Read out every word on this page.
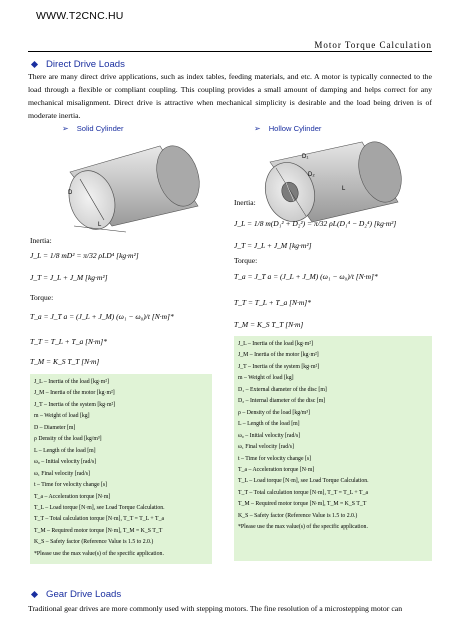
WWW.T2CNC.HU
Motor Torque Calculation
Direct Drive Loads
There are many direct drive applications, such as index tables, feeding materials, and etc. A motor is typically connected to the load through a flexible or compliant coupling. This coupling provides a small amount of damping and helps correct for any mechanical misalignment. Direct drive is attractive when mechanical simplicity is desirable and the load being driven is of moderate inertia.
➢ Solid Cylinder
D
L
Inertia:
J_L = 1/8 mD² = π/32 ρLD⁴ [kg·m²]
J_T = J_L + J_M [kg·m²]
Torque:
T_a = J_T a = (J_L + J_M) (ω₁ − ω₀)/t [N·m]*
T_T = T_L + T_a [N·m]*
T_M = K_S T_T [N·m]
J_L – Inertia of the load [kg·m²]
J_M – Inertia of the motor [kg·m²]
J_T – Inertia of the system [kg·m²]
m – Weight of load [kg]
D – Diameter [m]
ρ Density of the load [kg/m³]
L – Length of the load [m]
ω₀ – Initial velocity [rad/s]
ω₁ Final velocity [rad/s]
t – Time for velocity change [s]
T_a – Acceleration torque [N·m]
T_L – Load torque [N·m], see Load Torque Calculation.
T_T – Total calculation torque [N·m], T_T = T_L + T_a
T_M – Required motor torque [N·m], T_M = K_S T_T
K_S – Safety factor (Reference Value is 1.5 to 2.0.)
*Please use the max value(s) of the specific application.
➢ Hollow Cylinder
D₁
D₂
L
Inertia:
J_L = 1/8 m(D₁² + D₂²) = π/32 ρL(D₁⁴ − D₂⁴) [kg·m²]
J_T = J_L + J_M [kg·m²]
Torque:
T_a = J_T a = (J_L + J_M) (ω₁ − ω₀)/t [N·m]*
T_T = T_L + T_a [N·m]*
T_M = K_S T_T [N·m]
J_L – Inertia of the load [kg·m²]
J_M – Inertia of the motor [kg·m²]
J_T – Inertia of the system [kg·m²]
m – Weight of load [kg]
D₁ – External diameter of the disc [m]
D₂ – Internal diameter of the disc [m]
ρ – Density of the load [kg/m³]
L – Length of the load [m]
ω₀ – Initial velocity [rad/s]
ω₁ Final velocity [rad/s]
t – Time for velocity change [s]
T_a – Acceleration torque [N·m]
T_L – Load torque [N·m], see Load Torque Calculation.
T_T – Total calculation torque [N·m], T_T = T_L + T_a
T_M – Required motor torque [N·m], T_M = K_S T_T
K_S – Safety factor (Reference Value is 1.5 to 2.0.)
*Please use the max value(s) of the specific application.
Gear Drive Loads
Traditional gear drives are more commonly used with stepping motors. The fine resolution of a microstepping motor can
